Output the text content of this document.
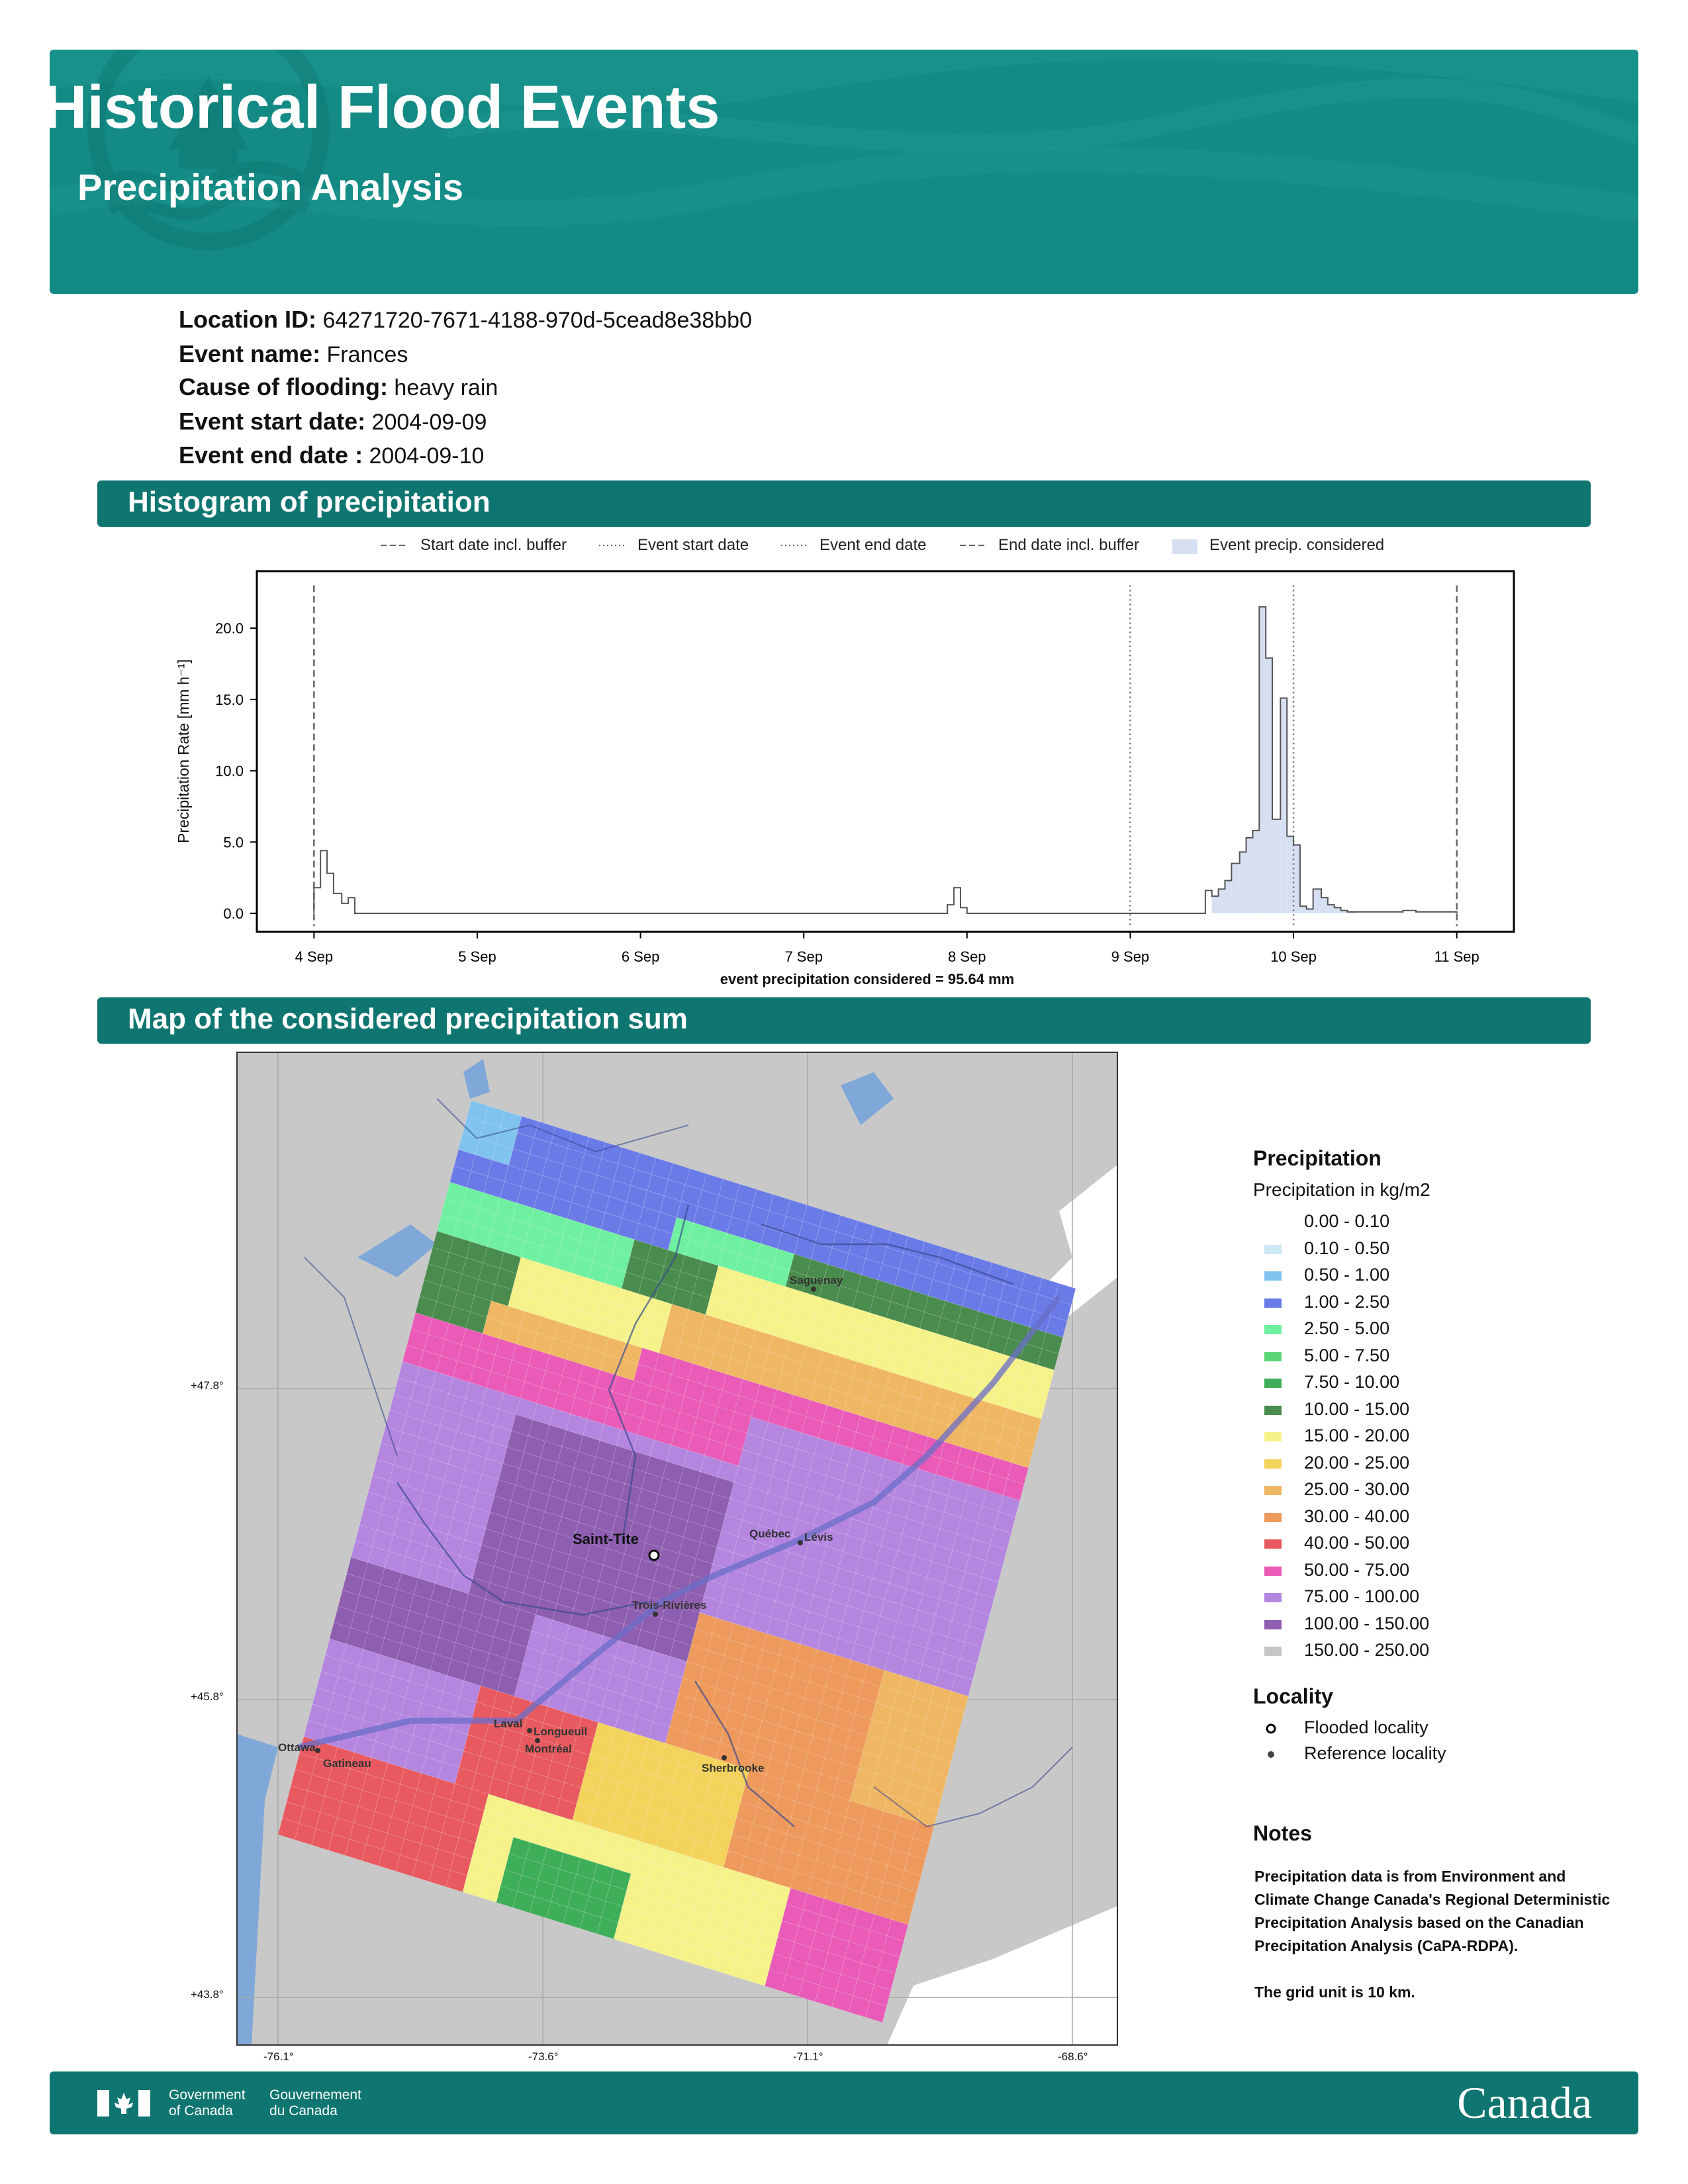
Historical Flood Events
Precipitation Analysis
Location ID: 64271720-7671-4188-970d-5cead8e38bb0
Event name: Frances
Cause of flooding: heavy rain
Event start date: 2004-09-09
Event end date : 2004-09-10
Histogram of precipitation
Start date incl. buffer	Event start date	Event end date	End date incl. buffer	Event precip. considered
0.0
5.0
10.0
15.0
20.0
4 Sep	5 Sep	6 Sep	7 Sep	8 Sep	9 Sep	10 Sep	11 Sep
Precipitation Rate [mm h⁻¹]
event precipitation considered = 95.64 mm
Map of the considered precipitation sum
Saint-Tite
Saguenay
Québec Lévis
Trois-Rivières
Laval
Longueuil
Montréal
Ottawa
Gatineau	Sherbrooke
+47.8°
+45.8°
+43.8°
-76.1°	-73.6°	-71.1°	-68.6°
Precipitation
Precipitation in kg/m2
0.00 - 0.10
0.10 - 0.50
0.50 - 1.00
1.00 - 2.50
2.50 - 5.00
5.00 - 7.50
7.50 - 10.00
10.00 - 15.00
15.00 - 20.00
20.00 - 25.00
25.00 - 30.00
30.00 - 40.00
40.00 - 50.00
50.00 - 75.00
75.00 - 100.00
100.00 - 150.00
150.00 - 250.00
Locality
Flooded locality
Reference locality
Notes
Precipitation data is from Environment and Climate Change Canada's Regional Deterministic Precipitation Analysis based on the Canadian Precipitation Analysis (CaPA-RDPA).
The grid unit is 10 km.
Government
of Canada
Gouvernement
du Canada	Canada
